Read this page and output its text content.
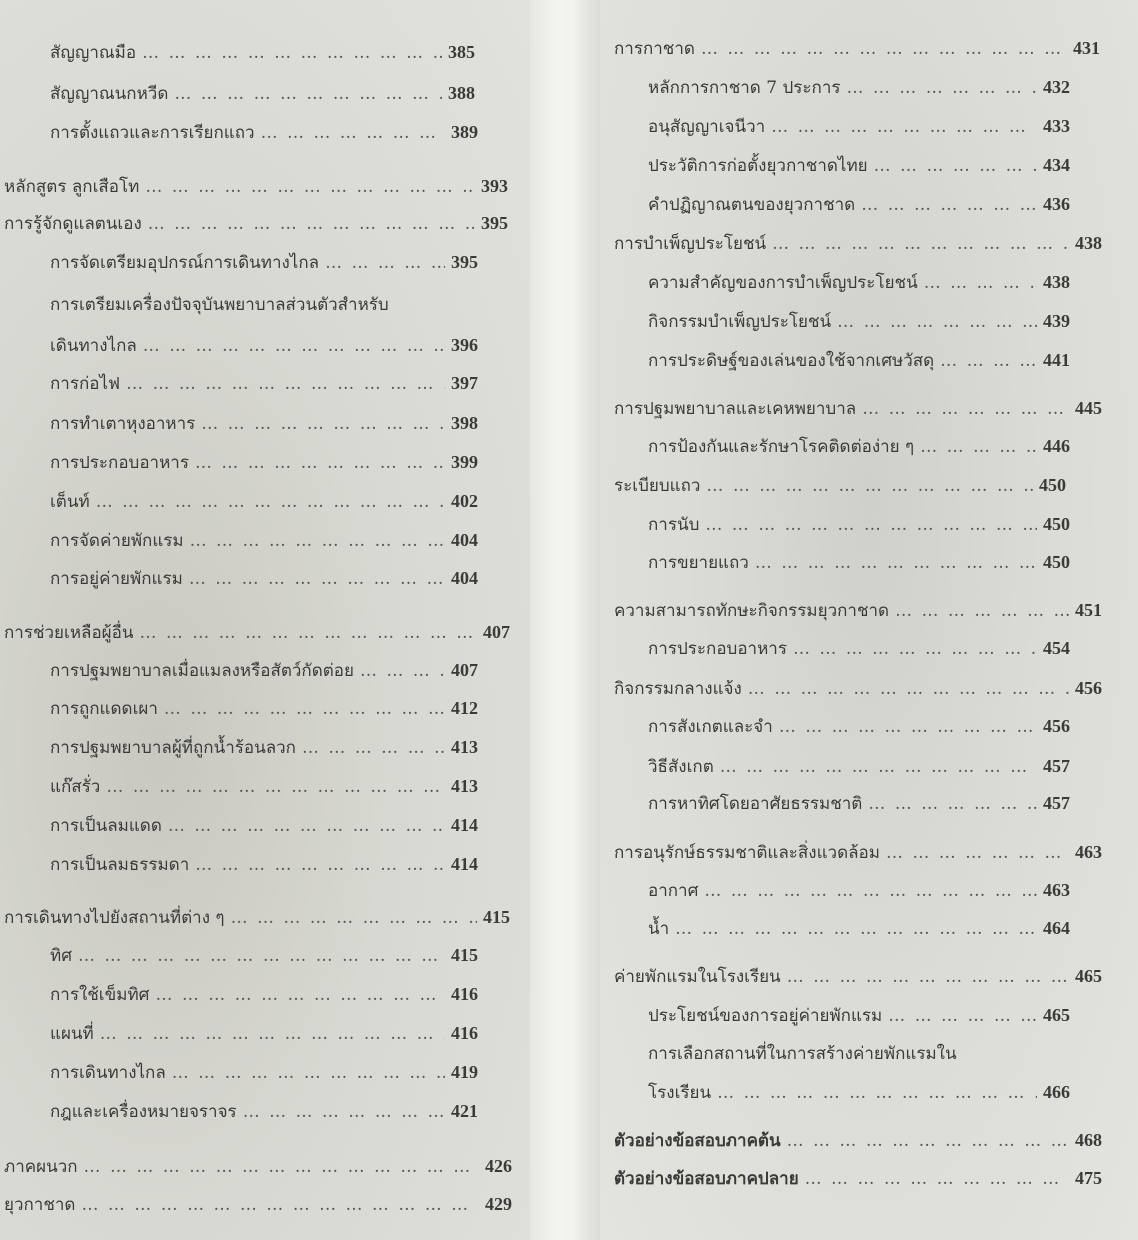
สัญญาณมือ … … … … … … … … … … … … … … … … … … … … … … … … … … … … … …	385
สัญญาณนกหวีด … … … … … … … … … … … … … … … … … … … … … … … … … … … … … …	388
การตั้งแถวและการเรียกแถว … … … … … … … … … … … … … … … … … … … … … … … … … … … … … …	389
หลักสูตร ลูกเสือโท … … … … … … … … … … … … … … … … … … … … … … … … … … … … … …	393
การรู้จักดูแลตนเอง … … … … … … … … … … … … … … … … … … … … … … … … … … … … … …	395
การจัดเตรียมอุปกรณ์การเดินทางไกล … … … … … … … … … … … … … … … … … … … … … … … … … … … … … …	395
การเตรียมเครื่องปัจจุบันพยาบาลส่วนตัวสำหรับ
เดินทางไกล … … … … … … … … … … … … … … … … … … … … … … … … … … … … … …	396
การก่อไฟ … … … … … … … … … … … … … … … … … … … … … … … … … … … … … …	397
การทำเตาหุงอาหาร … … … … … … … … … … … … … … … … … … … … … … … … … … … … … …	398
การประกอบอาหาร … … … … … … … … … … … … … … … … … … … … … … … … … … … … … …	399
เต็นท์ … … … … … … … … … … … … … … … … … … … … … … … … … … … … … …	402
การจัดค่ายพักแรม … … … … … … … … … … … … … … … … … … … … … … … … … … … … … …	404
การอยู่ค่ายพักแรม … … … … … … … … … … … … … … … … … … … … … … … … … … … … … …	404
การช่วยเหลือผู้อื่น … … … … … … … … … … … … … … … … … … … … … … … … … … … … … …	407
การปฐมพยาบาลเมื่อแมลงหรือสัตว์กัดต่อย … … … … … … … … … … … … … … … … … … … … … … … … … … … … … …	407
การถูกแดดเผา … … … … … … … … … … … … … … … … … … … … … … … … … … … … … …	412
การปฐมพยาบาลผู้ที่ถูกน้ำร้อนลวก … … … … … … … … … … … … … … … … … … … … … … … … … … … … … …	413
แก๊สรั่ว … … … … … … … … … … … … … … … … … … … … … … … … … … … … … …	413
การเป็นลมแดด … … … … … … … … … … … … … … … … … … … … … … … … … … … … … …	414
การเป็นลมธรรมดา … … … … … … … … … … … … … … … … … … … … … … … … … … … … … …	414
การเดินทางไปยังสถานที่ต่าง ๆ … … … … … … … … … … … … … … … … … … … … … … … … … … … … … …	415
ทิศ … … … … … … … … … … … … … … … … … … … … … … … … … … … … … …	415
การใช้เข็มทิศ … … … … … … … … … … … … … … … … … … … … … … … … … … … … … …	416
แผนที่ … … … … … … … … … … … … … … … … … … … … … … … … … … … … … …	416
การเดินทางไกล … … … … … … … … … … … … … … … … … … … … … … … … … … … … … …	419
กฎและเครื่องหมายจราจร … … … … … … … … … … … … … … … … … … … … … … … … … … … … … …	421
ภาคผนวก … … … … … … … … … … … … … … … … … … … … … … … … … … … … … …	426
ยุวกาชาด … … … … … … … … … … … … … … … … … … … … … … … … … … … … … …	429
การกาชาด … … … … … … … … … … … … … … … … … … … … … … … … … … … … … …	431
หลักการกาชาด 7 ประการ … … … … … … … … … … … … … … … … … … … … … … … … … … … … … …	432
อนุสัญญาเจนีวา … … … … … … … … … … … … … … … … … … … … … … … … … … … … … …	433
ประวัติการก่อตั้งยุวกาชาดไทย … … … … … … … … … … … … … … … … … … … … … … … … … … … … … …	434
คำปฏิญาณตนของยุวกาชาด … … … … … … … … … … … … … … … … … … … … … … … … … … … … … …	436
การบำเพ็ญประโยชน์ … … … … … … … … … … … … … … … … … … … … … … … … … … … … … …	438
ความสำคัญของการบำเพ็ญประโยชน์ … … … … … … … … … … … … … … … … … … … … … … … … … … … … … …	438
กิจกรรมบำเพ็ญประโยชน์ … … … … … … … … … … … … … … … … … … … … … … … … … … … … … …	439
การประดิษฐ์ของเล่นของใช้จากเศษวัสดุ … … … … … … … … … … … … … … … … … … … … … … … … … … … … … …	441
การปฐมพยาบาลและเคหพยาบาล … … … … … … … … … … … … … … … … … … … … … … … … … … … … … …	445
การป้องกันและรักษาโรคติดต่อง่าย ๆ … … … … … … … … … … … … … … … … … … … … … … … … … … … … … …	446
ระเบียบแถว … … … … … … … … … … … … … … … … … … … … … … … … … … … … … …	450
การนับ … … … … … … … … … … … … … … … … … … … … … … … … … … … … … …	450
การขยายแถว … … … … … … … … … … … … … … … … … … … … … … … … … … … … … …	450
ความสามารถทักษะกิจกรรมยุวกาชาด … … … … … … … … … … … … … … … … … … … … … … … … … … … … … …	451
การประกอบอาหาร … … … … … … … … … … … … … … … … … … … … … … … … … … … … … …	454
กิจกรรมกลางแจ้ง … … … … … … … … … … … … … … … … … … … … … … … … … … … … … …	456
การสังเกตและจำ … … … … … … … … … … … … … … … … … … … … … … … … … … … … … …	456
วิธีสังเกต … … … … … … … … … … … … … … … … … … … … … … … … … … … … … …	457
การหาทิศโดยอาศัยธรรมชาติ … … … … … … … … … … … … … … … … … … … … … … … … … … … … … …	457
การอนุรักษ์ธรรมชาติและสิ่งแวดล้อม … … … … … … … … … … … … … … … … … … … … … … … … … … … … … …	463
อากาศ … … … … … … … … … … … … … … … … … … … … … … … … … … … … … …	463
น้ำ … … … … … … … … … … … … … … … … … … … … … … … … … … … … … …	464
ค่ายพักแรมในโรงเรียน … … … … … … … … … … … … … … … … … … … … … … … … … … … … … …	465
ประโยชน์ของการอยู่ค่ายพักแรม … … … … … … … … … … … … … … … … … … … … … … … … … … … … … …	465
การเลือกสถานที่ในการสร้างค่ายพักแรมใน
โรงเรียน … … … … … … … … … … … … … … … … … … … … … … … … … … … … … …	466
ตัวอย่างข้อสอบภาคต้น … … … … … … … … … … … … … … … … … … … … … … … … … … … … … …	468
ตัวอย่างข้อสอบภาคปลาย … … … … … … … … … … … … … … … … … … … … … … … … … … … … … …	475
